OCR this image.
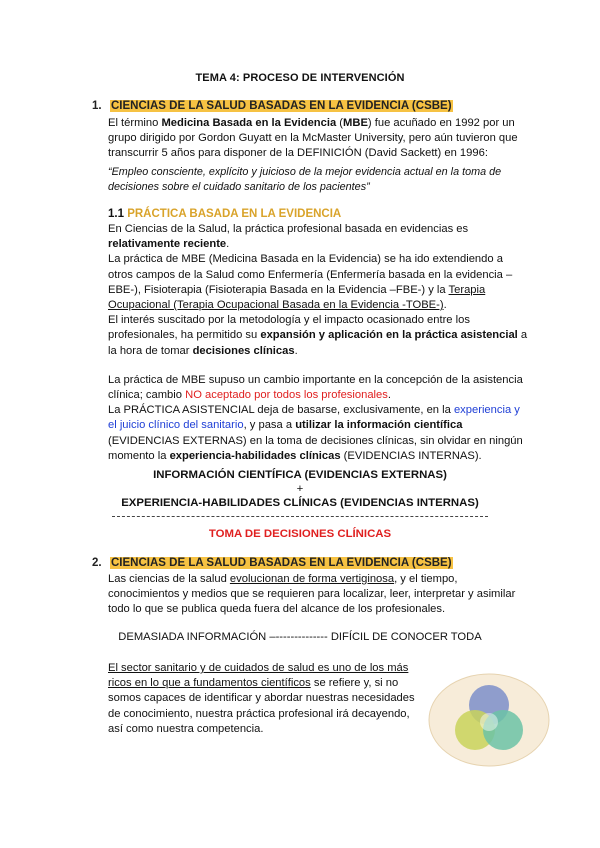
TEMA 4: PROCESO DE INTERVENCIÓN
1. CIENCIAS DE LA SALUD BASADAS EN LA EVIDENCIA (CSBE)

El término Medicina Basada en la Evidencia (MBE) fue acuñado en 1992 por un grupo dirigido por Gordon Guyatt en la McMaster University, pero aún tuvieron que transcurrir 5 años para disponer de la DEFINICIÓN (David Sackett) en 1996:

“Empleo consciente, explícito y juicioso de la mejor evidencia actual en la toma de decisiones sobre el cuidado sanitario de los pacientes”

1.1 PRÁCTICA BASADA EN LA EVIDENCIA

En Ciencias de la Salud, la práctica profesional basada en evidencias es relativamente reciente.

La práctica de MBE (Medicina Basada en la Evidencia) se ha ido extendiendo a otros campos de la Salud como Enfermería (Enfermería basada en la evidencia – EBE-), Fisioterapia (Fisioterapia Basada en la Evidencia –FBE-) y la Terapia Ocupacional (Terapia Ocupacional Basada en la Evidencia -TOBE-).

El interés suscitado por la metodología y el impacto ocasionado entre los profesionales, ha permitido su expansión y aplicación en la práctica asistencial a la hora de tomar decisiones clínicas.

La práctica de MBE supuso un cambio importante en la concepción de la asistencia clínica; cambio NO aceptado por todos los profesionales.

La PRÁCTICA ASISTENCIAL deja de basarse, exclusivamente, en la experiencia y el juicio clínico del sanitario, y pasa a utilizar la información científica (EVIDENCIAS EXTERNAS) en la toma de decisiones clínicas, sin olvidar en ningún momento la experiencia-habilidades clínicas (EVIDENCIAS INTERNAS).

INFORMACIÓN CIENTÍFICA (EVIDENCIAS EXTERNAS)
+
EXPERIENCIA-HABILIDADES CLÍNICAS (EVIDENCIAS INTERNAS)
TOMA DE DECISIONES CLÍNICAS
2. CIENCIAS DE LA SALUD BASADAS EN LA EVIDENCIA (CSBE)

Las ciencias de la salud evolucionan de forma vertiginosa, y el tiempo, conocimientos y medios que se requieren para localizar, leer, interpretar y asimilar todo lo que se publica queda fuera del alcance de los profesionales.

DEMASIADA INFORMACIÓN –-------------- DIFÍCIL DE CONOCER TODA

El sector sanitario y de cuidados de salud es uno de los más ricos en lo que a fundamentos científicos se refiere y, si no somos capaces de identificar y abordar nuestras necesidades de conocimiento, nuestra práctica profesional irá decayendo, así como nuestra competencia.
